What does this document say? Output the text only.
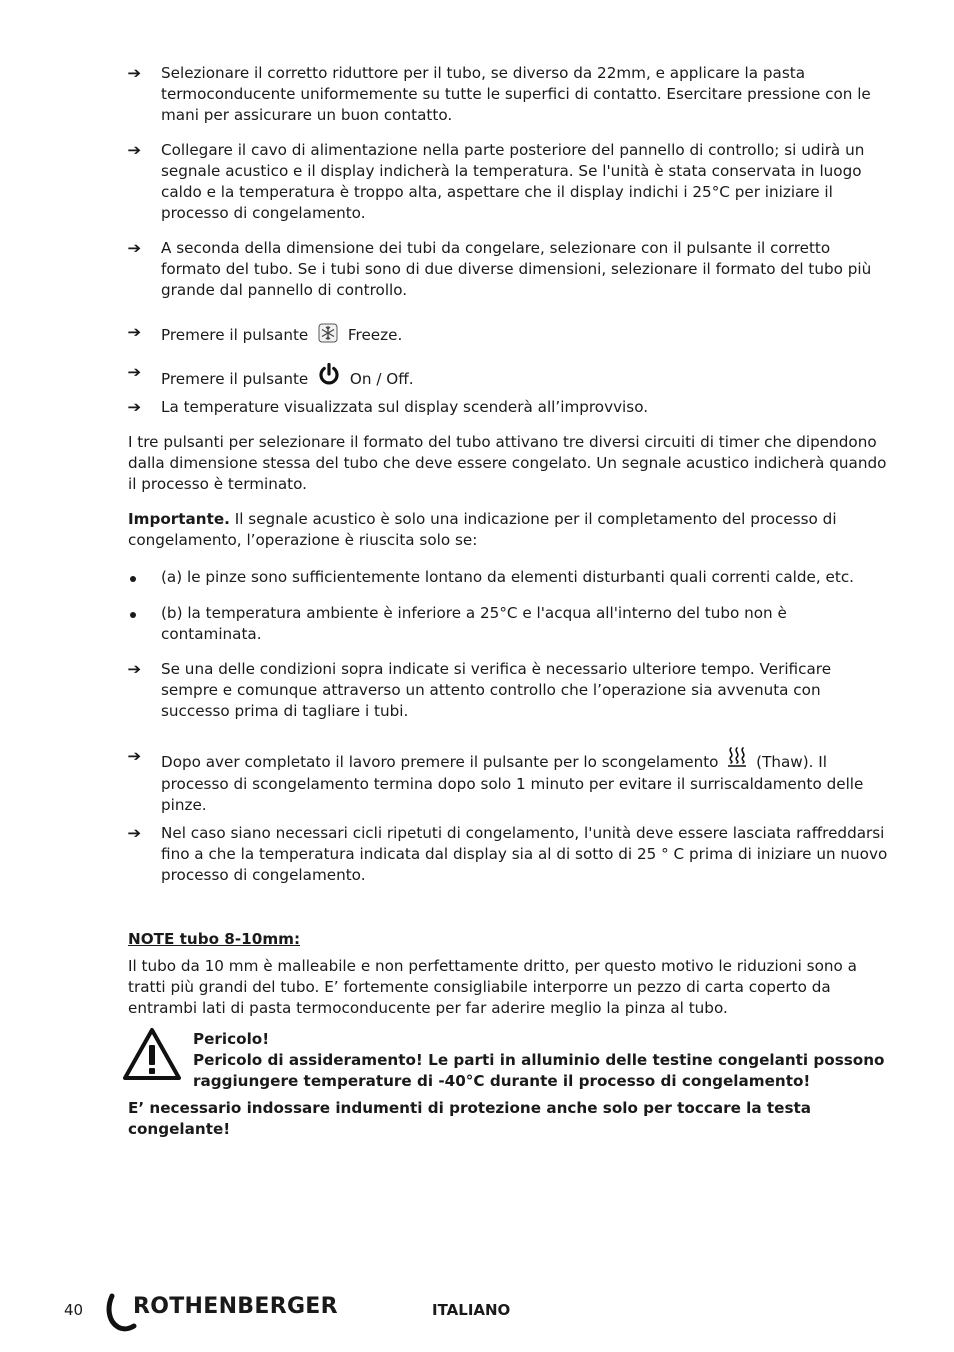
➔	Selezionare il corretto riduttore per il tubo, se diverso da 22mm, e applicare la pasta termoconducente uniformemente su tutte le superfici di contatto. Esercitare pressione con le mani per assicurare un buon contatto.
➔	Collegare il cavo di alimentazione nella parte posteriore del pannello di controllo; si udirà un segnale acustico e il display indicherà la temperatura. Se l'unità è stata conservata in luogo caldo e la temperatura è troppo alta, aspettare che il display indichi i 25°C per iniziare il processo di congelamento.
➔	A seconda della dimensione dei tubi da congelare, selezionare con il pulsante il corretto formato del tubo. Se i tubi sono di due diverse dimensioni, selezionare il formato del tubo più grande dal pannello di controllo.
➔	Premere il pulsante	Freeze.
➔	Premere il pulsante	On / Off.
➔	La temperature visualizzata sul display scenderà all’improvviso.
I tre pulsanti per selezionare il formato del tubo attivano tre diversi circuiti di timer che dipendono dalla dimensione stessa del tubo che deve essere congelato. Un segnale acustico indicherà quando il processo è terminato.
Importante. Il segnale acustico è solo una indicazione per il completamento del processo di congelamento, l’operazione è riuscita solo se:
(a) le pinze sono sufficientemente lontano da elementi disturbanti quali correnti calde, etc.
(b) la temperatura ambiente è inferiore a 25°C e l'acqua all'interno del tubo non è contaminata.
➔	Se una delle condizioni sopra indicate si verifica è necessario ulteriore tempo. Verificare sempre e comunque attraverso un attento controllo che l’operazione sia avvenuta con successo prima di tagliare i tubi.
➔	Dopo aver completato il lavoro premere il pulsante per lo scongelamento (Thaw). Il processo di scongelamento termina dopo solo 1 minuto per evitare il surriscaldamento delle pinze.
➔	Nel caso siano necessari cicli ripetuti di congelamento, l'unità deve essere lasciata raffreddarsi fino a che la temperatura indicata dal display sia al di sotto di 25 ° C prima di iniziare un nuovo processo di congelamento.
NOTE tubo 8-10mm:
Il tubo da 10 mm è malleabile e non perfettamente dritto, per questo motivo le riduzioni sono a tratti più grandi del tubo. E’ fortemente consigliabile interporre un pezzo di carta coperto da entrambi lati di pasta termoconducente per far aderire meglio la pinza al tubo.
Pericolo!
Pericolo di assideramento! Le parti in alluminio delle testine congelanti possono raggiungere temperature di -40°C durante il processo di congelamento!
E’ necessario indossare indumenti di protezione anche solo per toccare la testa congelante!
40 ROTHENBERGER	ITALIANO
